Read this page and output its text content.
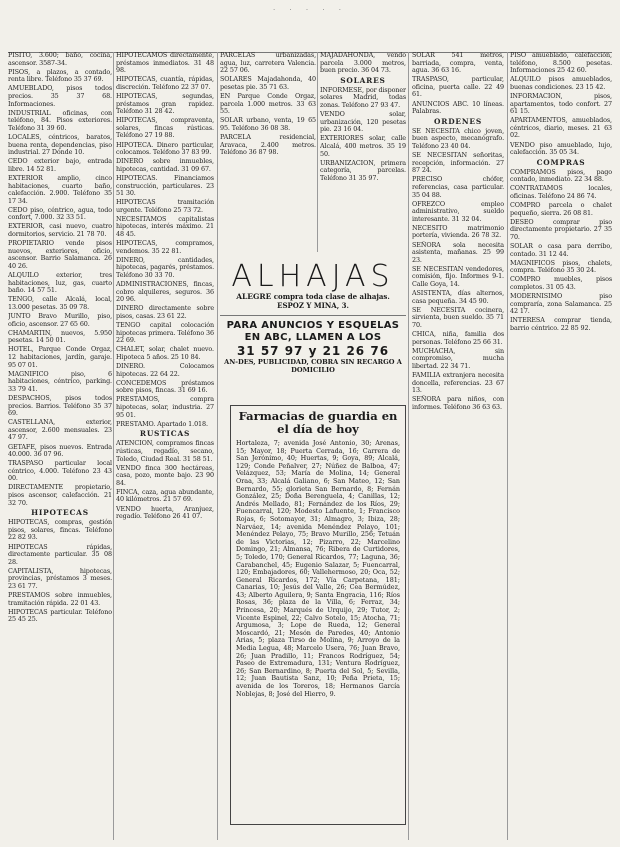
. . . . .

PISITO, 3.600; baño, cocina, ascensor. 3587-34.

PISOS, a plazos, a contado, renta libre. Teléfono 35 37 69.

AMUEBLADO, pisos todos precios. 35 37 68. Informaciones.

INDUSTRIAL oficinas, con teléfono, 84. Pisos exteriores. Teléfono 31 39 60.

LOCALES, céntricos, baratos, buena renta, dependencias, piso industrial. 27 Dónde 10.

CEDO exterior bajo, entrada libre. 14 52 81.

EXTERIOR amplio, cinco habitaciones, cuarto baño, calefacción. 2.900. Teléfono 35 17 34.

CEDO piso, céntrico, agua, todo confort, 7.000. 32 33 51.

EXTERIOR, casi nuevo, cuatro dormitorios, servicio. 21 78 70.

PROPIETARIO vende pisos nuevos, exteriores, oficio, ascensor. Barrio Salamanca. 26 40 26.

ALQUILO exterior, tres habitaciones, luz, gas, cuarto baño. 14 57 51.

TENGO, calle Alcalá, local, 13.000 pesetas. 35 09 78.

JUNTO Bravo Murillo, piso, oficio, ascensor. 27 65 60.

CHAMARTIN, nuevos, 5.950 pesetas. 14 50 01.

HOTEL, Parque Conde Orgaz, 12 habitaciones, jardín, garaje. 95 07 01.

MAGNIFICO piso, 6 habitaciones, céntrico, parking. 33 79 41.

DESPACHOS, pisos todos precios. Barrios. Teléfono 35 37 69.

CASTELLANA, exterior, ascensor, 2.600 mensuales. 23 47 97.

GETAFE, pisos nuevos. Entrada 40.000. 36 07 96.

TRASPASO particular local céntrico, 4.000. Teléfono 23 43 00.

DIRECTAMENTE propietario, pisos ascensor, calefacción. 21 32 70.

HIPOTECAS

HIPOTECAS, compras, gestión pisos, solares, fincas. Teléfono 22 82 93.

HIPOTECAS rápidas, directamente particular. 35 08 28.

CAPITALISTA, hipotecas, provincias, préstamos 3 meses. 23 61 77.

PRESTAMOS sobre inmuebles, tramitación rápida. 22 01 43.

HIPOTECAS particular. Teléfono 25 45 25.

HIPOTECAMOS directamente, préstamos inmediatos. 31 48 98.

HIPOTECAS, cuantía, rápidas, discreción. Teléfono 22 37 07.

HIPOTECAS, segundas, préstamos gran rapidez. Teléfono 31 28 42.

HIPOTECAS, compraventa, solares, fincas rústicas. Teléfono 27 19 88.

HIPOTECA. Dinero particular, colocamos. Teléfono 37 83 99.

DINERO sobre inmuebles, hipotecas, cantidad. 31 09 67.

HIPOTECAS. Financiamos construcción, particulares. 23 51 30.

HIPOTECAS tramitación urgente. Teléfono 25 73 72.

NECESITAMOS capitalistas hipotecas, interés máximo. 21 48 45.

HIPOTECAS, compramos, vendemos. 35 22 81.

DINERO, cantidades, hipotecas, pagarés, préstamos. Teléfono 30 33 70.

ADMINISTRACIONES, fincas, cobro alquileres, seguros. 36 20 96.

DINERO directamente sobre pisos, casas. 23 61 22.

TENGO capital colocación hipotecas primera. Teléfono 36 22 69.

CHALET, solar, chalet nuevo. Hipoteca 5 años. 25 10 84.

DINERO. Colocamos hipotecas. 22 64 22.

CONCEDEMOS préstamos sobre pisos, fincas. 31 69 16.

PRESTAMOS, compra hipotecas, solar, industria. 27 95 01.

PRESTAMO. Apartado 1.018.

RUSTICAS

ATENCION, compramos fincas rústicas, regadío, secano, Toledo, Ciudad Real. 31 58 51.

VENDO finca 300 hectáreas, casa, pozo, monte bajo. 23 90 84.

FINCA, caza, agua abundante, 40 kilómetros. 21 57 69.

VENDO huerta, Aranjuez, regadío. Teléfono 26 41 07.

PARCELAS urbanizadas, agua, luz, carretera Valencia. 22 57 06.

SOLARES Majadahonda, 40 pesetas pie. 35 71 63.

EN Parque Conde Orgaz, parcela 1.000 metros. 33 63 55.

SOLAR urbano, venta, 19 65 95. Teléfono 36 08 38.

PARCELA residencial, Aravaca, 2.400 metros. Teléfono 36 87 98.

MAJADAHONDA, vendo parcela 3.000 metros, buen precio. 36 04 73.

SOLARES

INFORMESE, por disponer solares Madrid, todas zonas. Teléfono 27 93 47.

VENDO solar, urbanización, 120 pesetas pie. 23 16 04.

EXTERIORES solar, calle Alcalá, 400 metros. 35 19 50.

URBANIZACION, primera categoría, parcelas. Teléfono 31 35 97.

SOLAR 541 metros, barriada, compra, venta, agua. 36 63 16.

TRASPASO, particular, oficina, puerta calle. 22 49 61.

ANUNCIOS ABC. 10 líneas. Palabras.

ORDENES

SE NECESITA chico joven, buen aspecto, mecanógrafo. Teléfono 23 40 04.

SE NECESITAN señoritas, recepción, información. 27 87 24.

PRECISO chófer, referencias, casa particular. 35 04 88.

OFREZCO empleo administrativo, sueldo interesante. 31 32 04.

NECESITO matrimonio portería, vivienda. 26 78 32.

SEÑORA sola necesita asistenta, mañanas. 25 99 23.

SE NECESITAN vendedores, comisión, fijo. Informes 9-1. Calle Goya, 14.

ASISTENTA, días alternos, casa pequeña. 34 45 90.

SE NECESITA cocinera, sirvienta, buen sueldo. 35 71 70.

CHICA, niña, familia dos personas. Teléfono 25 66 31.

MUCHACHA, sin compromiso, mucha libertad. 22 34 71.

FAMILIA extranjera necesita doncella, referencias. 23 67 13.

SEÑORA para niños, con informes. Teléfono 36 63 63.

PISO amueblado, calefacción, teléfono, 8.500 pesetas. Informaciones 25 42 60.

ALQUILO pisos amueblados, buenas condiciones. 23 15 42.

INFORMACION, pisos, apartamentos, todo confort. 27 61 15.

APARTAMENTOS, amueblados, céntricos, diario, meses. 21 63 02.

VENDO piso amueblado, lujo, calefacción. 35 05 34.

COMPRAS

COMPRAMOS pisos, pago contado, inmediato. 22 34 88.

CONTRATAMOS locales, oficinas. Teléfono 24 86 74.

COMPRO parcela o chalet pequeño, sierra. 26 08 81.

DESEO comprar piso directamente propietario. 27 35 70.

SOLAR o casa para derribo, contado. 31 12 44.

MAGNIFICOS pisos, chalets, compra. Teléfono 35 30 24.

COMPRO muebles, pisos completos. 31 05 43.

MODERNISIMO piso compraría, zona Salamanca. 25 42 17.

INTERESA comprar tienda, barrio céntrico. 22 85 92.

ALHAJAS
ALEGRE compra toda clase de alhajas.
ESPOZ Y MINA, 3.
PARA ANUNCIOS Y ESQUELAS
EN ABC, LLAMEN A LOS
31 57 97 y 21 26 76
AN-DES, PUBLICIDAD, COBRA SIN RECARGO A DOMICILIO
Farmacias de guardia en el día de hoy
Hortaleza, 7; avenida José Antonio, 30; Arenas, 15; Mayor, 18; Puerta Cerrada, 16; Carrera de San Jerónimo, 40; Huertas, 9; Goya, 89; Alcalá, 129; Conde Peñalver, 27; Núñez de Balboa, 47; Velázquez, 53; María de Molina, 14; General Oraa, 33; Alcalá Galiano, 6; San Mateo, 12; San Bernardo, 55; glorieta San Bernardo, 8; Fernán González, 25; Doña Berenguela, 4; Canillas, 12; Andrés Mellado, 81; Fernández de los Ríos, 29; Fuencarral, 120; Modesto Lafuente, 1; Francisco Rojas, 6; Sotomayor, 31; Almagro, 3; Ibiza, 28; Narváez, 14; avenida Menéndez Pelayo, 101; Menéndez Pelayo, 75; Bravo Murillo, 256; Tetuán de las Victorias, 12; Pizarro, 22; Marcelino Domingo, 21; Almansa, 76; Ribera de Curtidores, 5; Toledo, 170; General Ricardos, 77; Laguna, 36; Carabanchel, 45; Eugenio Salazar, 5; Fuencarral, 120; Embajadores, 60; Vallehermoso, 20; Oca, 52; General Ricardos, 172; Vía Carpetana, 181; Canarias, 10; Jesús del Valle, 26; Cea Bermúdez, 43; Alberto Aguilera, 9; Santa Engracia, 116; Ríos Rosas, 36; plaza de la Villa, 6; Ferraz, 34; Princesa, 20; Marqués de Urquijo, 29; Tutor, 2; Vicente Espinel, 22; Calvo Sotelo, 15; Atocha, 71; Argumosa, 3; Lope de Rueda, 12; General Moscardó, 21; Mesón de Paredes, 40; Antonio Arias, 5; plaza Tirso de Molina, 9; Arroyo de la Media Legua, 48; Marcelo Usera, 76; Juan Bravo, 26; Juan Pradillo, 11; Francos Rodríguez, 54; Paseo de Extremadura, 131; Ventura Rodríguez, 26; San Bernardino, 8; Puerta del Sol, 5; Sevilla, 12; Juan Bautista Sanz, 10; Peña Prieta, 15; avenida de los Toreros, 18; Hermanos García Noblejas, 8; José del Hierro, 9.
